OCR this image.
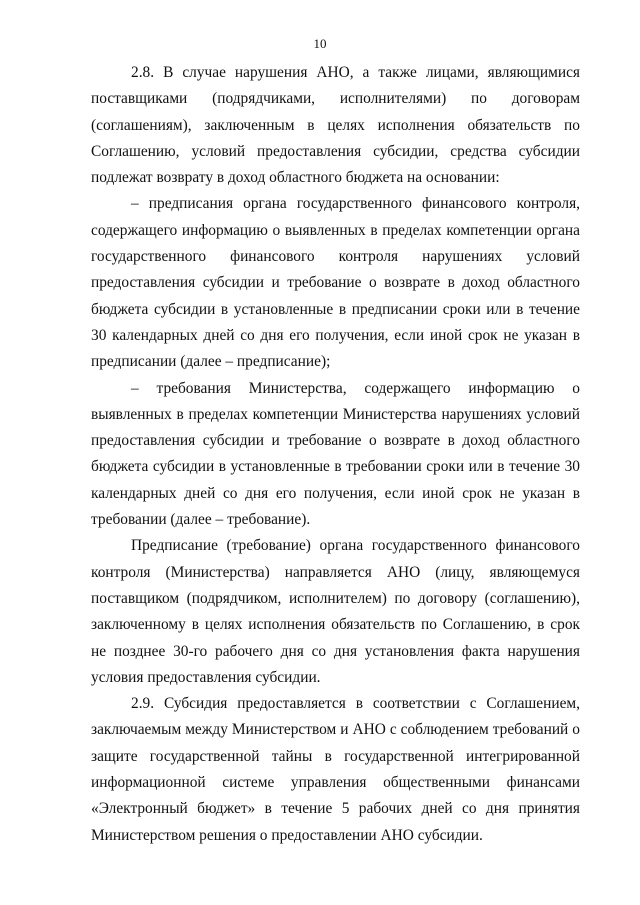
10

2.8. В случае нарушения АНО, а также лицами, являющимися поставщиками (подрядчиками, исполнителями) по договорам (соглашениям), заключенным в целях исполнения обязательств по Соглашению, условий предоставления субсидии, средства субсидии подлежат возврату в доход областного бюджета на основании:

– предписания органа государственного финансового контроля, содержащего информацию о выявленных в пределах компетенции органа государственного финансового контроля нарушениях условий предоставления субсидии и требование о возврате в доход областного бюджета субсидии в установленные в предписании сроки или в течение 30 календарных дней со дня его получения, если иной срок не указан в предписании (далее – предписание);

– требования Министерства, содержащего информацию о выявленных в пределах компетенции Министерства нарушениях условий предоставления субсидии и требование о возврате в доход областного бюджета субсидии в установленные в требовании сроки или в течение 30 календарных дней со дня его получения, если иной срок не указан в требовании (далее – требование).

Предписание (требование) органа государственного финансового контроля (Министерства) направляется АНО (лицу, являющемуся поставщиком (подрядчиком, исполнителем) по договору (соглашению), заключенному в целях исполнения обязательств по Соглашению, в срок не позднее 30-го рабочего дня со дня установления факта нарушения условия предоставления субсидии.

2.9. Субсидия предоставляется в соответствии с Соглашением, заключаемым между Министерством и АНО с соблюдением требований о защите государственной тайны в государственной интегрированной информационной системе управления общественными финансами «Электронный бюджет» в течение 5 рабочих дней со дня принятия Министерством решения о предоставлении АНО субсидии.
